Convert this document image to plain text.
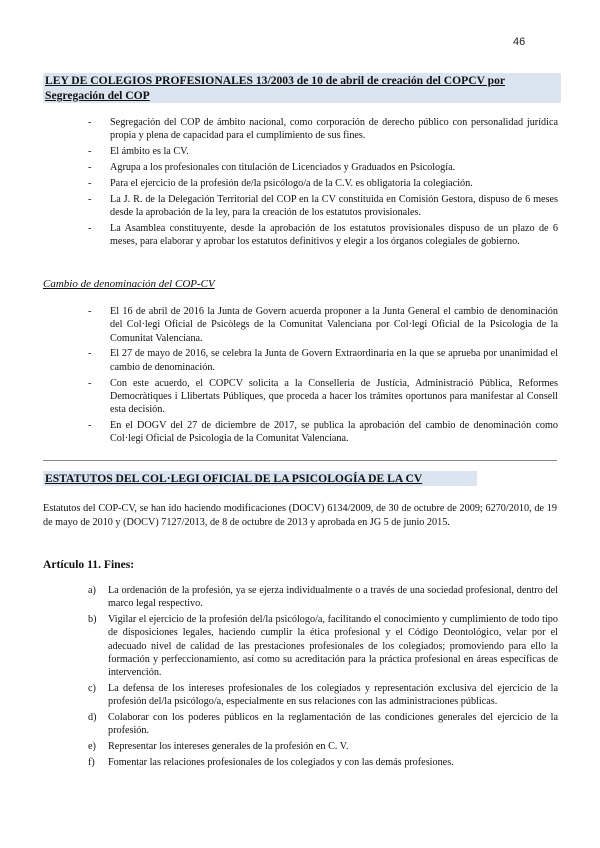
46
LEY DE COLEGIOS PROFESIONALES 13/2003 de 10 de abril de creación del COPCV por Segregación del COP
- Segregación del COP de ámbito nacional, como corporación de derecho público con personalidad jurídica propia y plena de capacidad para el cumplimiento de sus fines.
- El ámbito es la CV.
- Agrupa a los profesionales con titulación de Licenciados y Graduados en Psicología.
- Para el ejercicio de la profesión de/la psicólogo/a de la C.V. es obligatoria la colegiación.
- La J. R. de la Delegación Territorial del COP en la CV constituida en Comisión Gestora, dispuso de 6 meses desde la aprobación de la ley, para la creación de los estatutos provisionales.
- La Asamblea constituyente, desde la aprobación de los estatutos provisionales dispuso de un plazo de 6 meses, para elaborar y aprobar los estatutos definitivos y elegir a los órganos colegiales de gobierno.
Cambio de denominación del COP-CV
- El 16 de abril de 2016 la Junta de Govern acuerda proponer a la Junta General el cambio de denominación del Col·legi Oficial de Psicòlegs de la Comunitat Valenciana por Col·legi Oficial de la Psicologia de la Comunitat Valenciana.
- El 27 de mayo de 2016, se celebra la Junta de Govern Extraordinaria en la que se aprueba por unanimidad el cambio de denominación.
- Con este acuerdo, el COPCV solicita a la Conselleria de Justícia, Administració Pública, Reformes Democràtiques i Llibertats Públiques, que proceda a hacer los trámites oportunos para manifestar al Consell esta decisión.
- En el DOGV del 27 de diciembre de 2017, se publica la aprobación del cambio de denominación como Col·legi Oficial de Psicologia de la Comunitat Valenciana.
ESTATUTOS DEL COL·LEGI OFICIAL DE LA PSICOLOGÍA DE LA CV
Estatutos del COP-CV, se han ido haciendo modificaciones (DOCV) 6134/2009, de 30 de octubre de 2009; 6270/2010, de 19 de mayo de 2010 y (DOCV) 7127/2013, de 8 de octubre de 2013 y aprobada en JG 5 de junio 2015.
Artículo 11. Fines:
a) La ordenación de la profesión, ya se ejerza individualmente o a través de una sociedad profesional, dentro del marco legal respectivo.
b) Vigilar el ejercicio de la profesión del/la psicólogo/a, facilitando el conocimiento y cumplimiento de todo tipo de disposiciones legales, haciendo cumplir la ética profesional y el Código Deontológico, velar por el adecuado nivel de calidad de las prestaciones profesionales de los colegiados; promoviendo para ello la formación y perfeccionamiento, así como su acreditación para la práctica profesional en áreas específicas de intervención.
c) La defensa de los intereses profesionales de los colegiados y representación exclusiva del ejercicio de la profesión del/la psicólogo/a, especialmente en sus relaciones con las administraciones públicas.
d) Colaborar con los poderes públicos en la reglamentación de las condiciones generales del ejercicio de la profesión.
e) Representar los intereses generales de la profesión en C. V.
f) Fomentar las relaciones profesionales de los colegiados y con las demás profesiones.
